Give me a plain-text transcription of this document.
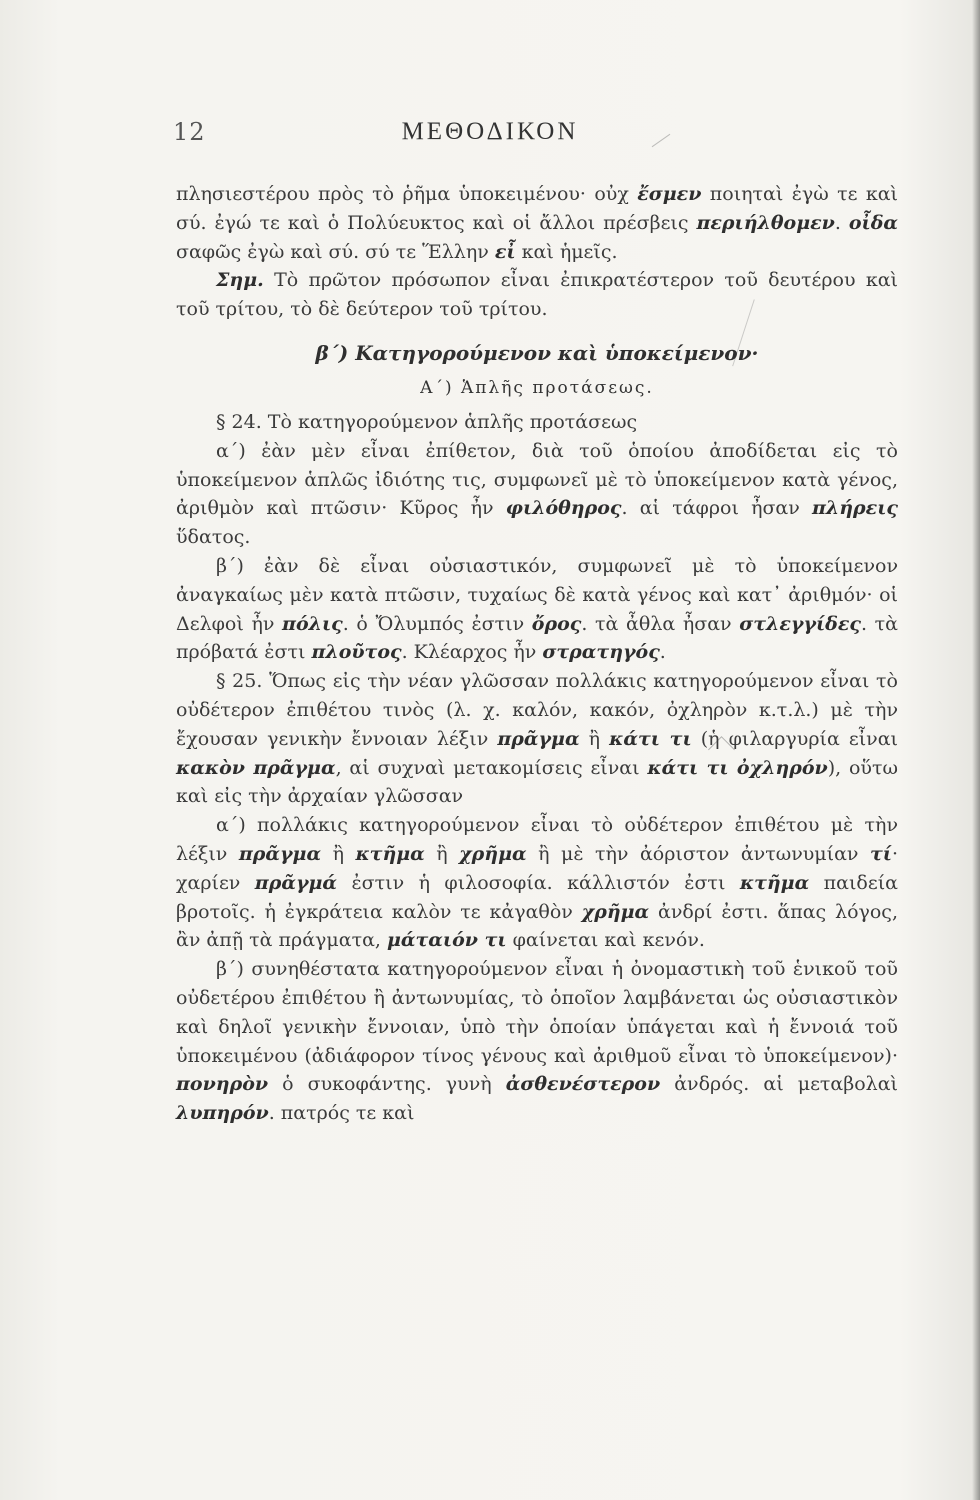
12	ΜΕΘΟΔΙΚΟΝ

πλησιεστέρου πρὸς τὸ ῥῆμα ὑποκειμένου· οὐχ ἔσμεν ποιηταὶ ἐγὼ τε καὶ σύ. ἐγώ τε καὶ ὁ Πολύευκτος καὶ οἱ ἄλλοι πρέσβεις περιήλθομεν. οἶδα σαφῶς ἐγὼ καὶ σύ. σύ τε Ἕλλην εἶ καὶ ἡμεῖς.

Σημ. Τὸ πρῶτον πρόσωπον εἶναι ἐπικρατέστερον τοῦ δευτέρου καὶ τοῦ τρίτου, τὸ δὲ δεύτερον τοῦ τρίτου.

β΄) Κατηγορούμενον καὶ ὑποκείμενον·
Α΄) Ἁπλῆς προτάσεως.

§ 24. Τὸ κατηγορούμενον ἁπλῆς προτάσεως

α΄) ἐὰν μὲν εἶναι ἐπίθετον, διὰ τοῦ ὁποίου ἀποδίδεται εἰς τὸ ὑποκείμενον ἁπλῶς ἰδιότης τις, συμφωνεῖ μὲ τὸ ὑποκείμενον κατὰ γένος, ἀριθμὸν καὶ πτῶσιν· Κῦρος ἦν φιλόθηρος. αἱ τάφροι ἦσαν πλήρεις ὕδατος.

β΄) ἐὰν δὲ εἶναι οὐσιαστικόν, συμφωνεῖ μὲ τὸ ὑποκείμενον ἀναγκαίως μὲν κατὰ πτῶσιν, τυχαίως δὲ κατὰ γένος καὶ κατ᾽ ἀριθμόν· οἱ Δελφοὶ ἦν πόλις. ὁ Ὄλυμπός ἐστιν ὄρος. τὰ ἆθλα ἦσαν στλεγγίδες. τὰ πρόβατά ἐστι πλοῦτος. Κλέαρχος ἦν στρατηγός.

§ 25. Ὅπως εἰς τὴν νέαν γλῶσσαν πολλάκις κατηγορούμενον εἶναι τὸ οὐδέτερον ἐπιθέτου τινὸς (λ. χ. καλόν, κακόν, ὀχληρὸν κ.τ.λ.) μὲ τὴν ἔχουσαν γενικὴν ἔννοιαν λέξιν πρᾶγμα ἢ κάτι τι (ἡ φιλαργυρία εἶναι κακὸν πρᾶγμα, αἱ συχναὶ μετακομίσεις εἶναι κάτι τι ὀχληρόν), οὕτω καὶ εἰς τὴν ἀρχαίαν γλῶσσαν

α΄) πολλάκις κατηγορούμενον εἶναι τὸ οὐδέτερον ἐπιθέτου μὲ τὴν λέξιν πρᾶγμα ἢ κτῆμα ἢ χρῆμα ἢ μὲ τὴν ἀόριστον ἀντωνυμίαν τί· χαρίεν πρᾶγμά ἐστιν ἡ φιλοσοφία. κάλλιστόν ἐστι κτῆμα παιδεία βροτοῖς. ἡ ἐγκράτεια καλὸν τε κἀγαθὸν χρῆμα ἀνδρί ἐστι. ἅπας λόγος, ἂν ἀπῇ τὰ πράγματα, μάταιόν τι φαίνεται καὶ κενόν.

β΄) συνηθέστατα κατηγορούμενον εἶναι ἡ ὀνομαστικὴ τοῦ ἑνικοῦ τοῦ οὐδετέρου ἐπιθέτου ἢ ἀντωνυμίας, τὸ ὁποῖον λαμβάνεται ὡς οὐσιαστικὸν καὶ δηλοῖ γενικὴν ἔννοιαν, ὑπὸ τὴν ὁποίαν ὑπάγεται καὶ ἡ ἔννοιά τοῦ ὑποκειμένου (ἀδιάφορον τίνος γένους καὶ ἀριθμοῦ εἶναι τὸ ὑποκείμενον)· πονηρὸν ὁ συκοφάντης. γυνὴ ἀσθενέστερον ἀνδρός. αἱ μεταβολαὶ λυπηρόν. πατρός τε καὶ
